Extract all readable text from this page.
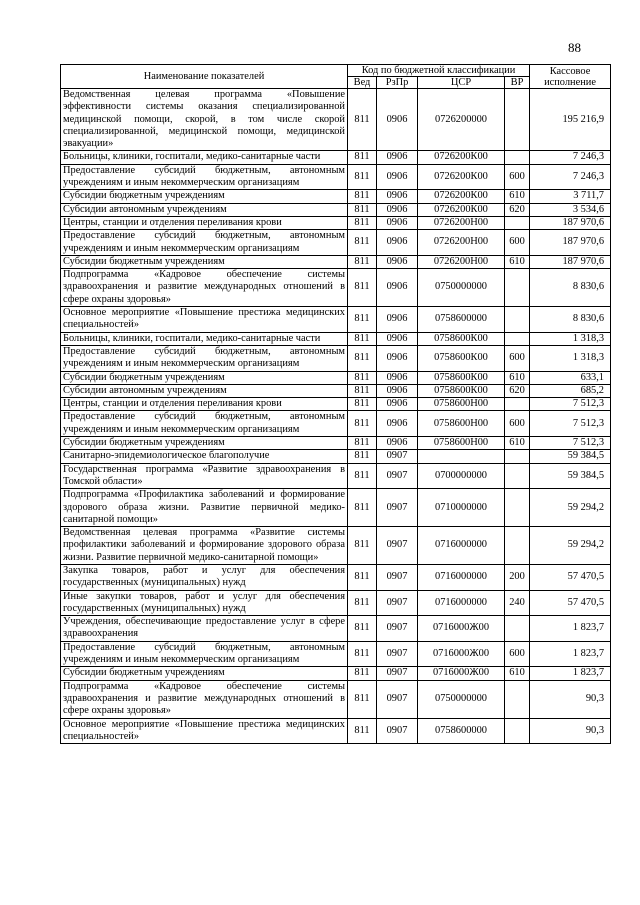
88
Наименование показателей	Код по бюджетной классификации				Кассовое исполнение
	Вед	РзПр	ЦСР	ВР	
Ведомственная целевая программа «Повышение эффективности системы оказания специализированной медицинской помощи, скорой, в том числе скорой специализированной, медицинской помощи, медицинской эвакуации»	811	0906	0726200000		195 216,9
Больницы, клиники, госпитали, медико-санитарные части	811	0906	0726200К00		7 246,3
Предоставление субсидий бюджетным, автономным учреждениям и иным некоммерческим организациям	811	0906	0726200К00	600	7 246,3
Субсидии бюджетным учреждениям	811	0906	0726200К00	610	3 711,7
Субсидии автономным учреждениям	811	0906	0726200К00	620	3 534,6
Центры, станции и отделения переливания крови	811	0906	0726200Н00		187 970,6
Предоставление субсидий бюджетным, автономным учреждениям и иным некоммерческим организациям	811	0906	0726200Н00	600	187 970,6
Субсидии бюджетным учреждениям	811	0906	0726200Н00	610	187 970,6
Подпрограмма «Кадровое обеспечение системы здравоохранения и развитие международных отношений в сфере охраны здоровья»	811	0906	0750000000		8 830,6
Основное мероприятие «Повышение престижа медицинских специальностей»	811	0906	0758600000		8 830,6
Больницы, клиники, госпитали, медико-санитарные части	811	0906	0758600К00		1 318,3
Предоставление субсидий бюджетным, автономным учреждениям и иным некоммерческим организациям	811	0906	0758600К00	600	1 318,3
Субсидии бюджетным учреждениям	811	0906	0758600К00	610	633,1
Субсидии автономным учреждениям	811	0906	0758600К00	620	685,2
Центры, станции и отделения переливания крови	811	0906	0758600Н00		7 512,3
Предоставление субсидий бюджетным, автономным учреждениям и иным некоммерческим организациям	811	0906	0758600Н00	600	7 512,3
Субсидии бюджетным учреждениям	811	0906	0758600Н00	610	7 512,3
Санитарно-эпидемиологическое благополучие	811	0907			59 384,5
Государственная программа «Развитие здравоохранения в Томской области»	811	0907	0700000000		59 384,5
Подпрограмма «Профилактика заболеваний и формирование здорового образа жизни. Развитие первичной медико-санитарной помощи»	811	0907	0710000000		59 294,2
Ведомственная целевая программа «Развитие системы профилактики заболеваний и формирование здорового образа жизни. Развитие первичной медико-санитарной помощи»	811	0907	0716000000		59 294,2
Закупка товаров, работ и услуг для обеспечения государственных (муниципальных) нужд	811	0907	0716000000	200	57 470,5
Иные закупки товаров, работ и услуг для обеспечения государственных (муниципальных) нужд	811	0907	0716000000	240	57 470,5
Учреждения, обеспечивающие предоставление услуг в сфере здравоохранения	811	0907	0716000Ж00		1 823,7
Предоставление субсидий бюджетным, автономным учреждениям и иным некоммерческим организациям	811	0907	0716000Ж00	600	1 823,7
Субсидии бюджетным учреждениям	811	0907	0716000Ж00	610	1 823,7
Подпрограмма «Кадровое обеспечение системы здравоохранения и развитие международных отношений в сфере охраны здоровья»	811	0907	0750000000		90,3
Основное мероприятие «Повышение престижа медицинских специальностей»	811	0907	0758600000		90,3
